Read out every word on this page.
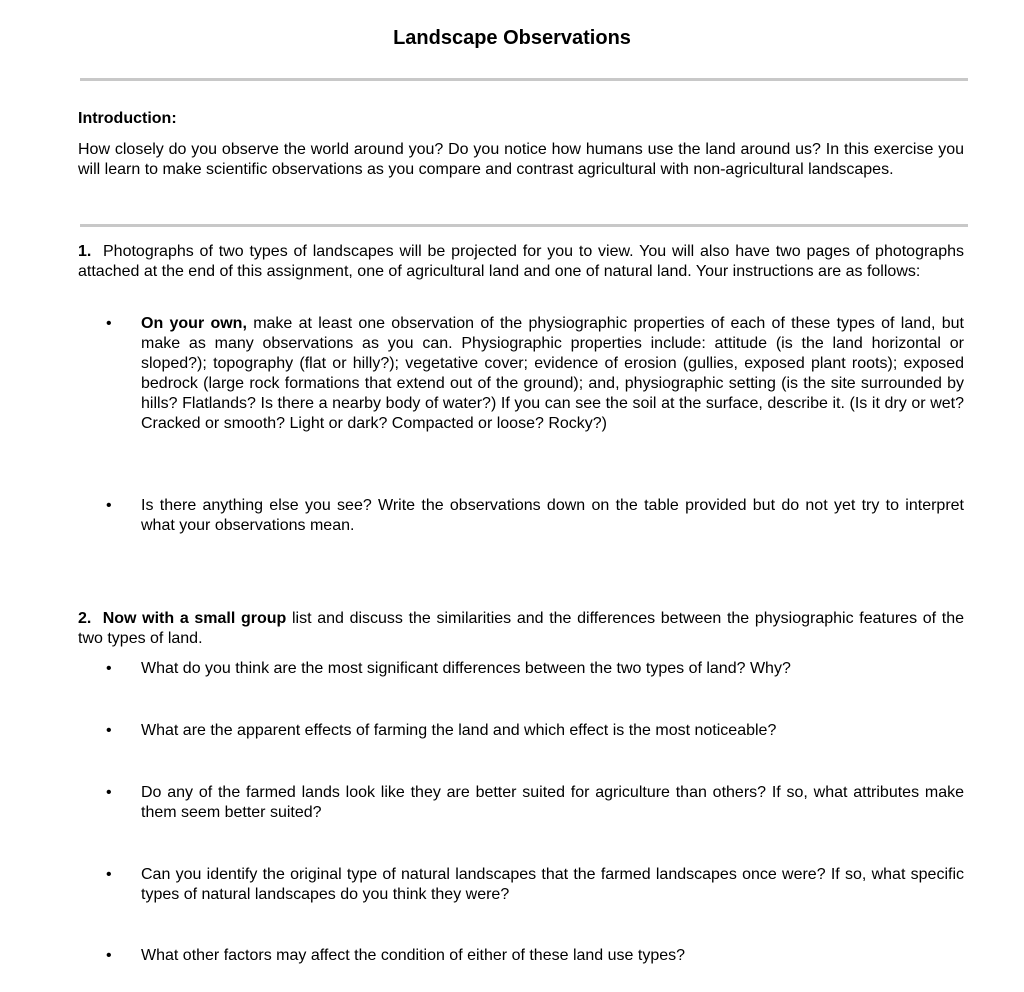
Landscape Observations
Introduction:
How closely do you observe the world around you? Do you notice how humans use the land around us? In this exercise you will learn to make scientific observations as you compare and contrast agricultural with non-agricultural landscapes.
1. Photographs of two types of landscapes will be projected for you to view. You will also have two pages of photographs attached at the end of this assignment, one of agricultural land and one of natural land. Your instructions are as follows:
• On your own, make at least one observation of the physiographic properties of each of these types of land, but make as many observations as you can. Physiographic properties include: attitude (is the land horizontal or sloped?); topography (flat or hilly?); vegetative cover; evidence of erosion (gullies, exposed plant roots); exposed bedrock (large rock formations that extend out of the ground); and, physiographic setting (is the site surrounded by hills? Flatlands? Is there a nearby body of water?) If you can see the soil at the surface, describe it. (Is it dry or wet? Cracked or smooth? Light or dark? Compacted or loose? Rocky?)
• Is there anything else you see? Write the observations down on the table provided but do not yet try to interpret what your observations mean.
2. Now with a small group list and discuss the similarities and the differences between the physiographic features of the two types of land.
• What do you think are the most significant differences between the two types of land? Why?
• What are the apparent effects of farming the land and which effect is the most noticeable?
• Do any of the farmed lands look like they are better suited for agriculture than others? If so, what attributes make them seem better suited?
• Can you identify the original type of natural landscapes that the farmed landscapes once were? If so, what specific types of natural landscapes do you think they were?
• What other factors may affect the condition of either of these land use types?
